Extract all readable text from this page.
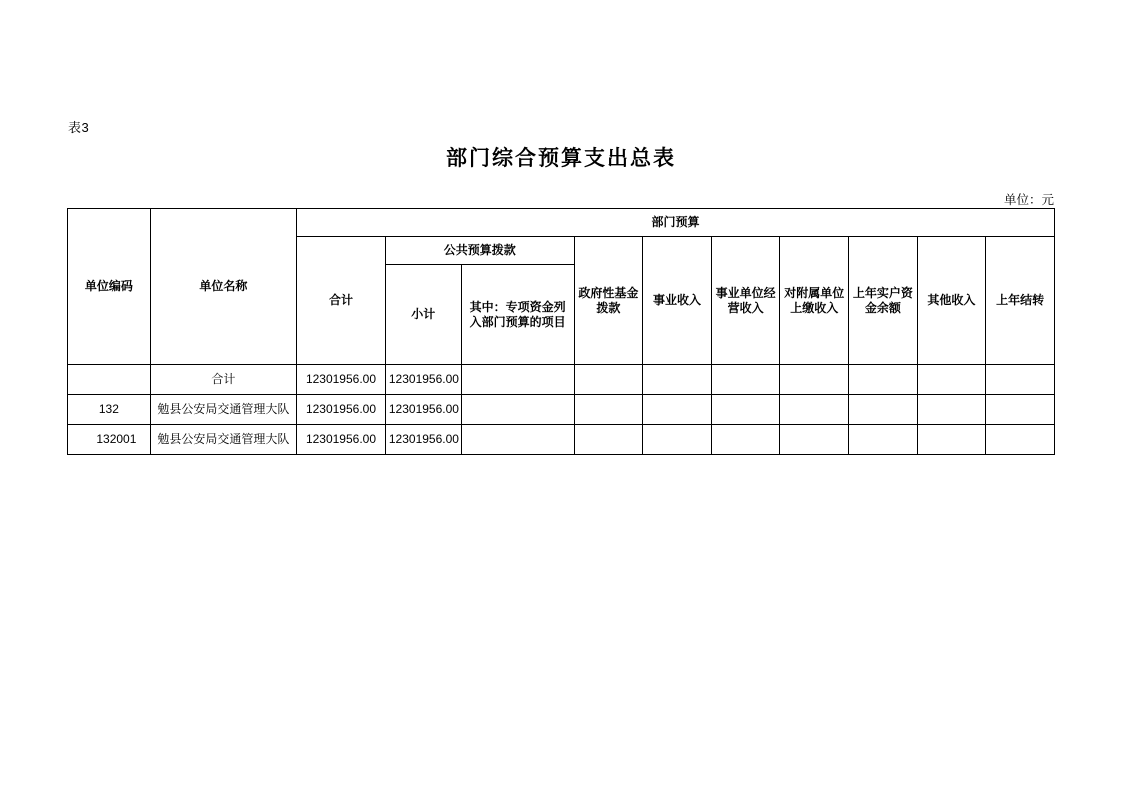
表3
部门综合预算支出总表
单位：元
单位编码	单位名称	部门预算									
		合计	公共预算拨款		政府性基金拨款	事业收入	事业单位经营收入	对附属单位上缴收入	上年实户资金余额	其他收入	上年结转
			小计	其中：专项资金列入部门预算的项目							
	合计	12301956.00	12301956.00								
132	勉县公安局交通管理大队	12301956.00	12301956.00								
132001	勉县公安局交通管理大队	12301956.00	12301956.00								
